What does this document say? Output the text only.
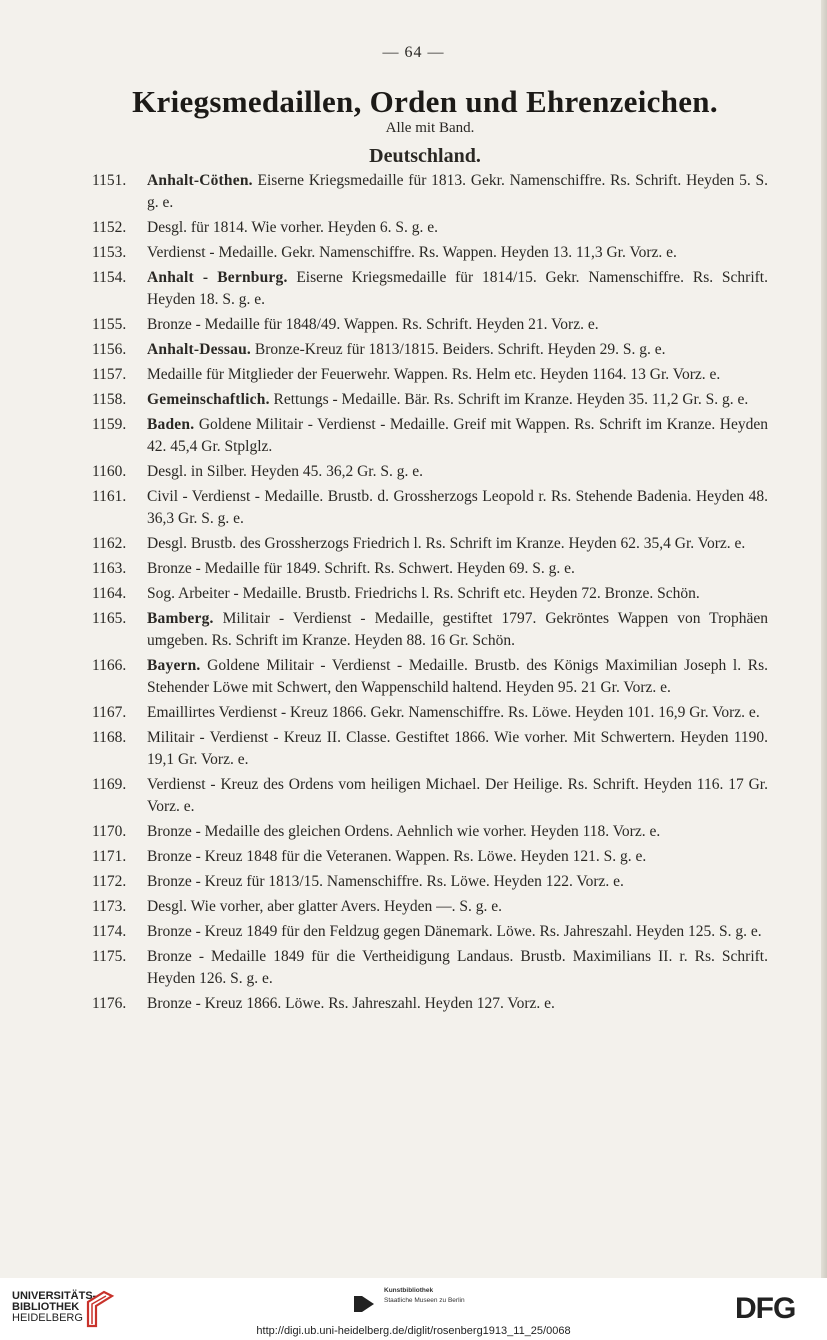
— 64 —
Kriegsmedaillen, Orden und Ehrenzeichen.
Alle mit Band.
Deutschland.
1151. Anhalt-Cöthen. Eiserne Kriegsmedaille für 1813. Gekr. Namenschiffre. Rs. Schrift. Heyden 5. S. g. e.
1152. Desgl. für 1814. Wie vorher. Heyden 6. S. g. e.
1153. Verdienst - Medaille. Gekr. Namenschiffre. Rs. Wappen. Heyden 13. 11,3 Gr. Vorz. e.
1154. Anhalt - Bernburg. Eiserne Kriegsmedaille für 1814/15. Gekr. Namenschiffre. Rs. Schrift. Heyden 18. S. g. e.
1155. Bronze - Medaille für 1848/49. Wappen. Rs. Schrift. Heyden 21. Vorz. e.
1156. Anhalt-Dessau. Bronze-Kreuz für 1813/1815. Beiders. Schrift. Heyden 29. S. g. e.
1157. Medaille für Mitglieder der Feuerwehr. Wappen. Rs. Helm etc. Heyden 1164. 13 Gr. Vorz. e.
1158. Gemeinschaftlich. Rettungs - Medaille. Bär. Rs. Schrift im Kranze. Heyden 35. 11,2 Gr. S. g. e.
1159. Baden. Goldene Militair - Verdienst - Medaille. Greif mit Wappen. Rs. Schrift im Kranze. Heyden 42. 45,4 Gr. Stplglz.
1160. Desgl. in Silber. Heyden 45. 36,2 Gr. S. g. e.
1161. Civil - Verdienst - Medaille. Brustb. d. Grossherzogs Leopold r. Rs. Stehende Badenia. Heyden 48. 36,3 Gr. S. g. e.
1162. Desgl. Brustb. des Grossherzogs Friedrich l. Rs. Schrift im Kranze. Heyden 62. 35,4 Gr. Vorz. e.
1163. Bronze - Medaille für 1849. Schrift. Rs. Schwert. Heyden 69. S. g. e.
1164. Sog. Arbeiter - Medaille. Brustb. Friedrichs l. Rs. Schrift etc. Heyden 72. Bronze. Schön.
1165. Bamberg. Militair - Verdienst - Medaille, gestiftet 1797. Gekröntes Wappen von Trophäen umgeben. Rs. Schrift im Kranze. Heyden 88. 16 Gr. Schön.
1166. Bayern. Goldene Militair - Verdienst - Medaille. Brustb. des Königs Maximilian Joseph l. Rs. Stehender Löwe mit Schwert, den Wappenschild haltend. Heyden 95. 21 Gr. Vorz. e.
1167. Emaillirtes Verdienst - Kreuz 1866. Gekr. Namenschiffre. Rs. Löwe. Heyden 101. 16,9 Gr. Vorz. e.
1168. Militair - Verdienst - Kreuz II. Classe. Gestiftet 1866. Wie vorher. Mit Schwertern. Heyden 1190. 19,1 Gr. Vorz. e.
1169. Verdienst - Kreuz des Ordens vom heiligen Michael. Der Heilige. Rs. Schrift. Heyden 116. 17 Gr. Vorz. e.
1170. Bronze - Medaille des gleichen Ordens. Aehnlich wie vorher. Heyden 118. Vorz. e.
1171. Bronze - Kreuz 1848 für die Veteranen. Wappen. Rs. Löwe. Heyden 121. S. g. e.
1172. Bronze - Kreuz für 1813/15. Namenschiffre. Rs. Löwe. Heyden 122. Vorz. e.
1173. Desgl. Wie vorher, aber glatter Avers. Heyden —. S. g. e.
1174. Bronze - Kreuz 1849 für den Feldzug gegen Dänemark. Löwe. Rs. Jahreszahl. Heyden 125. S. g. e.
1175. Bronze - Medaille 1849 für die Vertheidigung Landaus. Brustb. Maximilians II. r. Rs. Schrift. Heyden 126. S. g. e.
1176. Bronze - Kreuz 1866. Löwe. Rs. Jahreszahl. Heyden 127. Vorz. e.
UNIVERSITÄTS-
BIBLIOTHEK
HEIDELBERG
Kunstbibliothek
Staatliche Museen zu Berlin	DFG
http://digi.ub.uni-heidelberg.de/diglit/rosenberg1913_11_25/0068
